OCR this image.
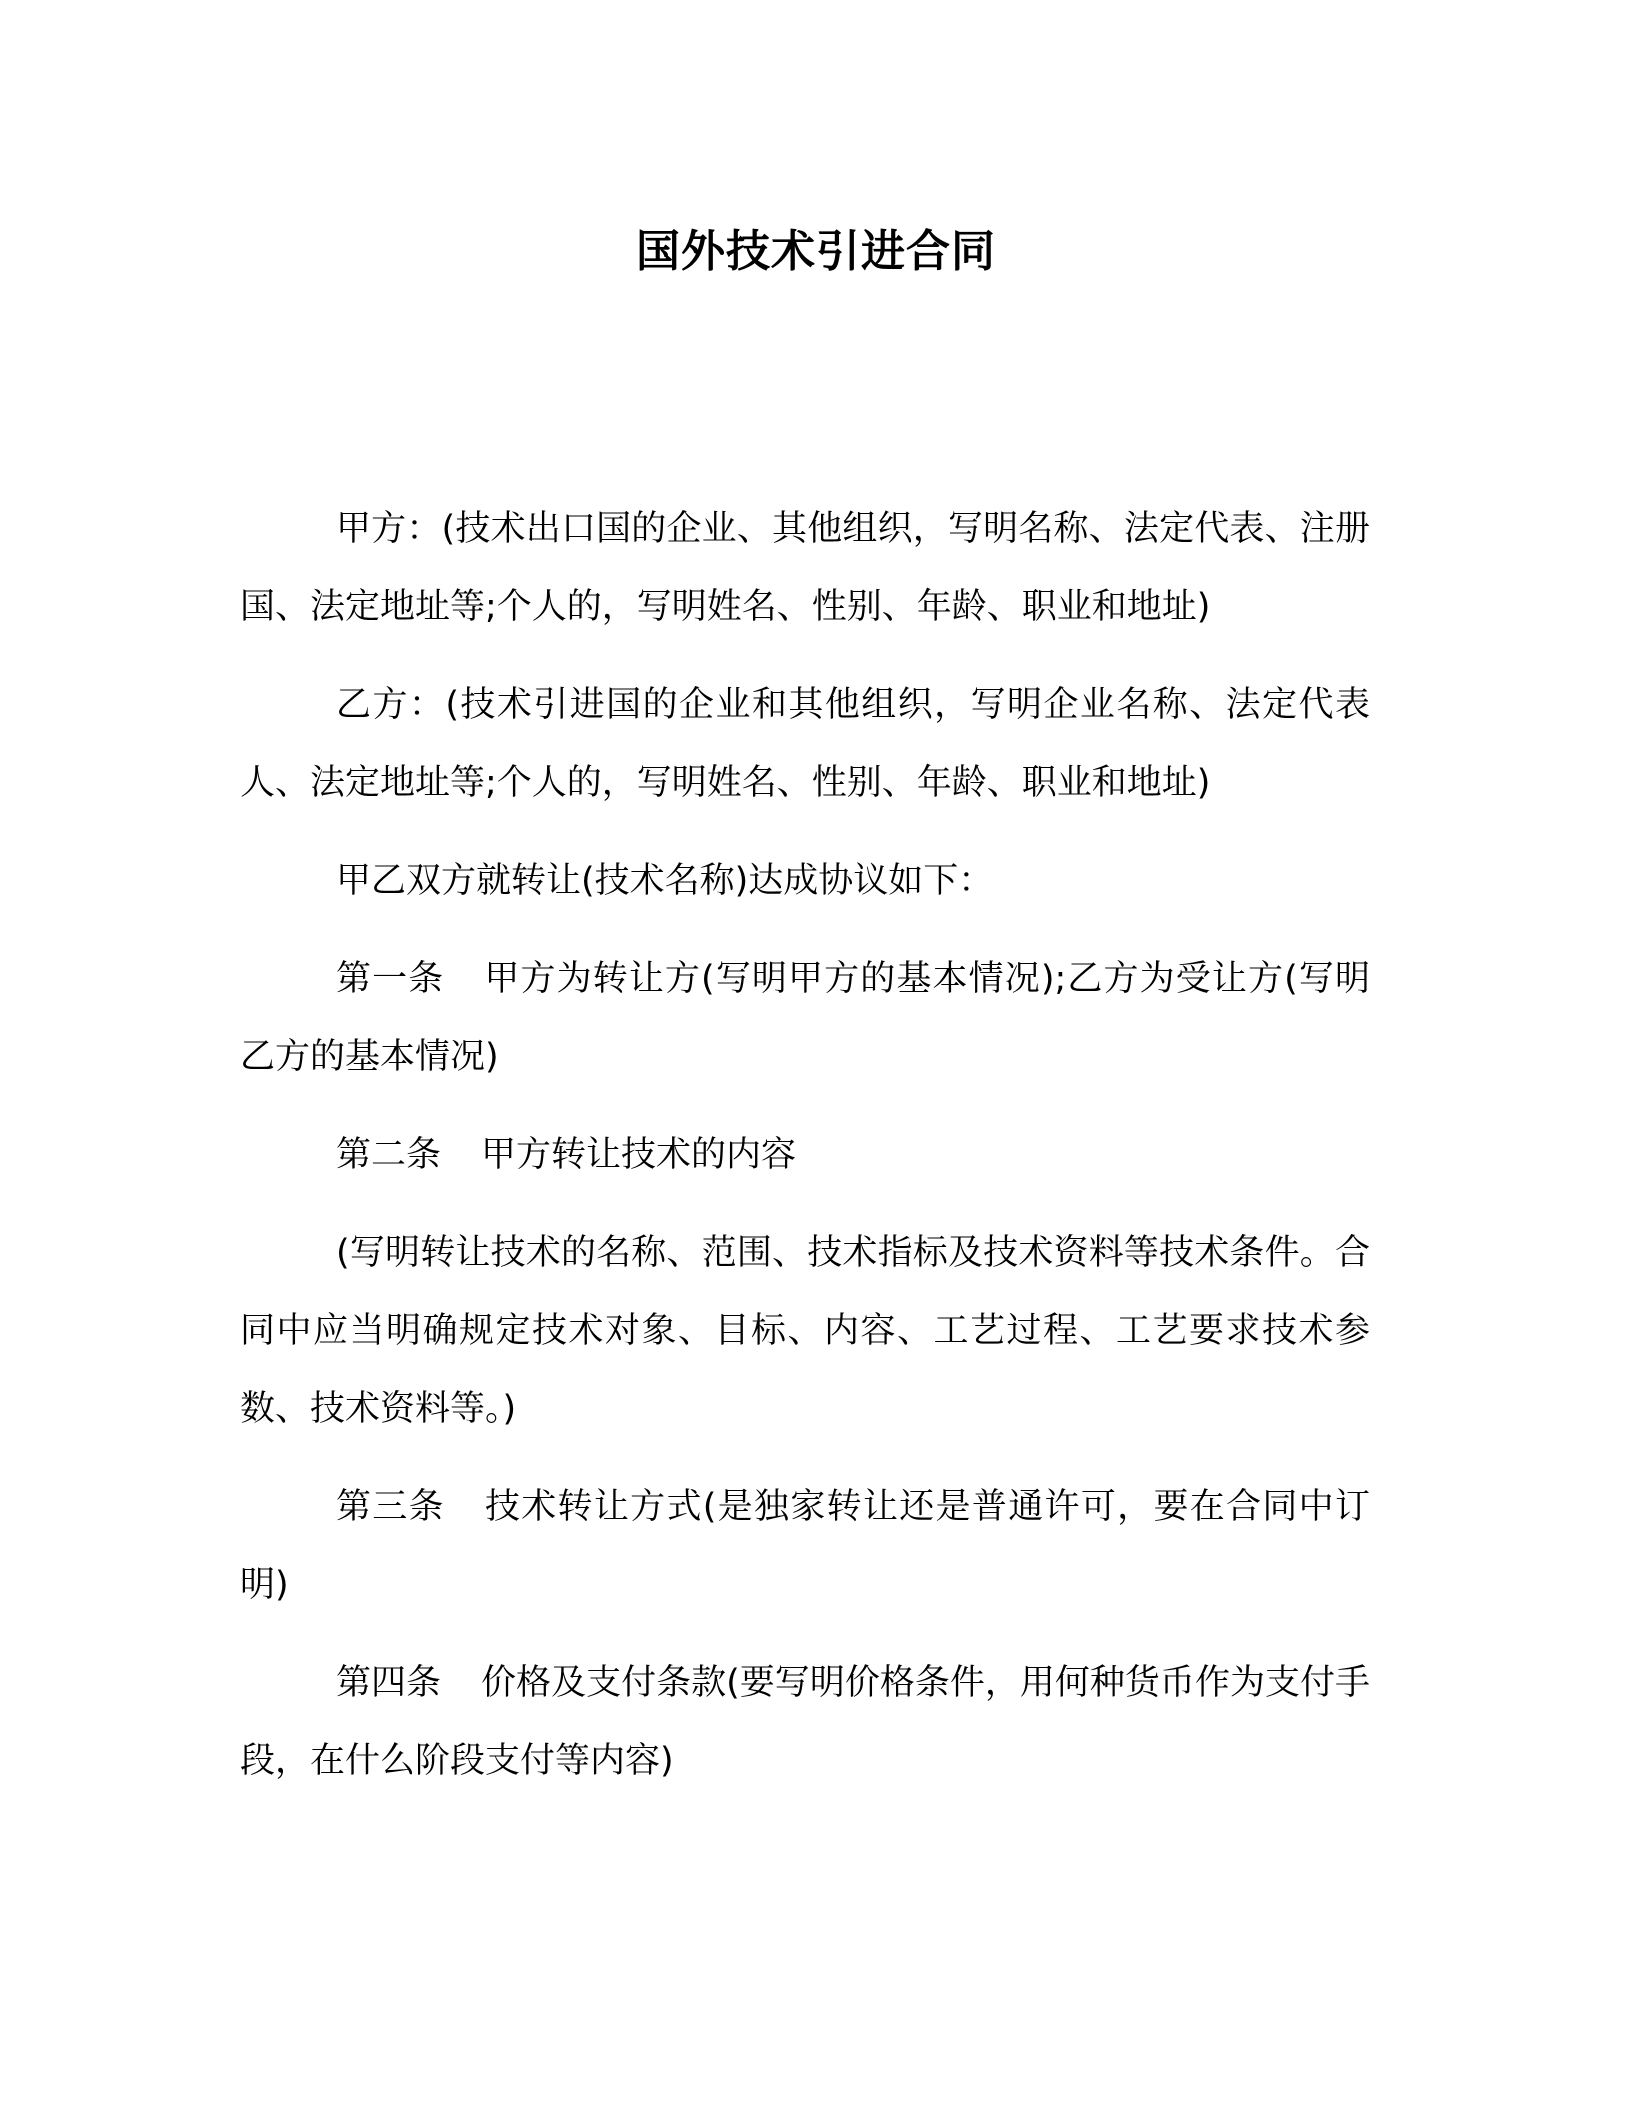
国外技术引进合同

甲方：(技术出口国的企业、其他组织，写明名称、法定代表、注册国、法定地址等;个人的，写明姓名、性别、年龄、职业和地址)

乙方：(技术引进国的企业和其他组织，写明企业名称、法定代表人、法定地址等;个人的，写明姓名、性别、年龄、职业和地址)

甲乙双方就转让(技术名称)达成协议如下：

第一条 甲方为转让方(写明甲方的基本情况);乙方为受让方(写明乙方的基本情况)

第二条 甲方转让技术的内容

(写明转让技术的名称、范围、技术指标及技术资料等技术条件。合同中应当明确规定技术对象、目标、内容、工艺过程、工艺要求技术参数、技术资料等。)

第三条 技术转让方式(是独家转让还是普通许可，要在合同中订明)

第四条 价格及支付条款(要写明价格条件，用何种货币作为支付手段，在什么阶段支付等内容)
